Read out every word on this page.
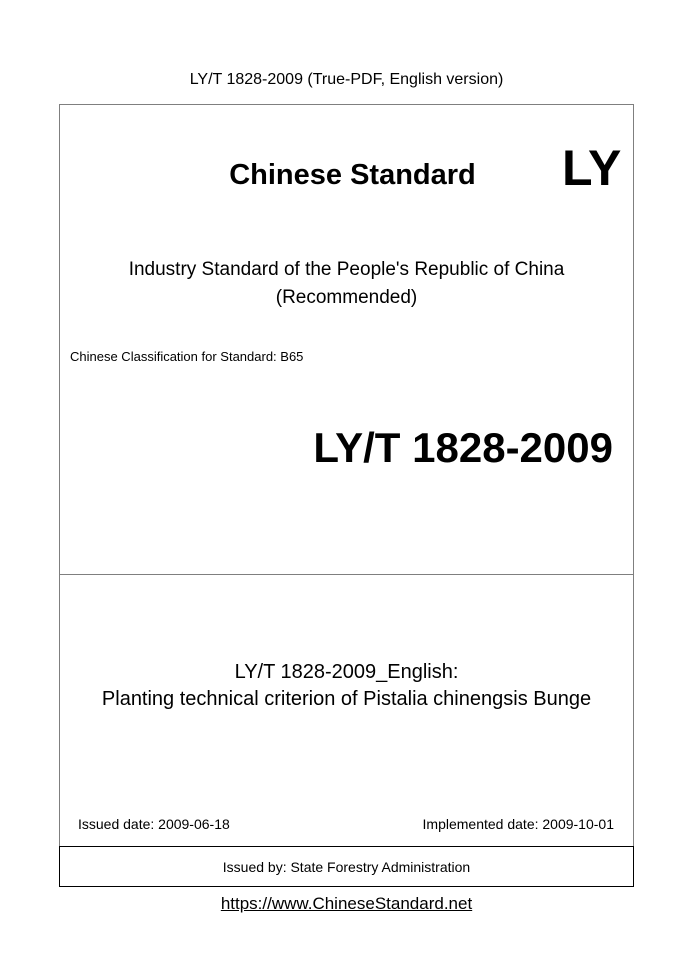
LY/T 1828-2009 (True-PDF, English version)
Chinese Standard	LY
Industry Standard of the People's Republic of China
(Recommended)
Chinese Classification for Standard: B65
LY/T 1828-2009
LY/T 1828-2009_English:
Planting technical criterion of Pistalia chinengsis Bunge
Issued date: 2009-06-18	Implemented date: 2009-10-01
Issued by: State Forestry Administration
https://www.ChineseStandard.net
